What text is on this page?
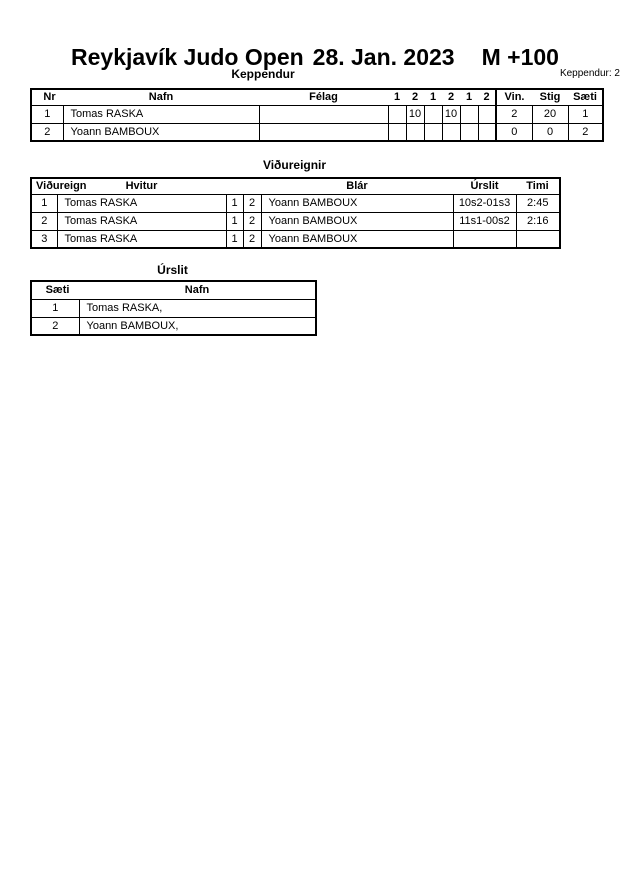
Reykjavík Judo Open 28. Jan. 2023 M +100
Keppendur	Keppendur: 2
Nr	Nafn	Félag	1	2	1	2	1	2	Vin.	Stig	Sæti
1	Tomas RASKA			10		10			2	20	1
2	Yoann BAMBOUX								0	0	2
Viðureignir
Viðureign	Hvitur			Blár	Úrslit	Timi
1	Tomas RASKA	1	2	Yoann BAMBOUX	10s2-01s3	2:45
2	Tomas RASKA	1	2	Yoann BAMBOUX	11s1-00s2	2:16
3	Tomas RASKA	1	2	Yoann BAMBOUX		
Úrslit
Sæti	Nafn
1	Tomas RASKA,
2	Yoann BAMBOUX,
